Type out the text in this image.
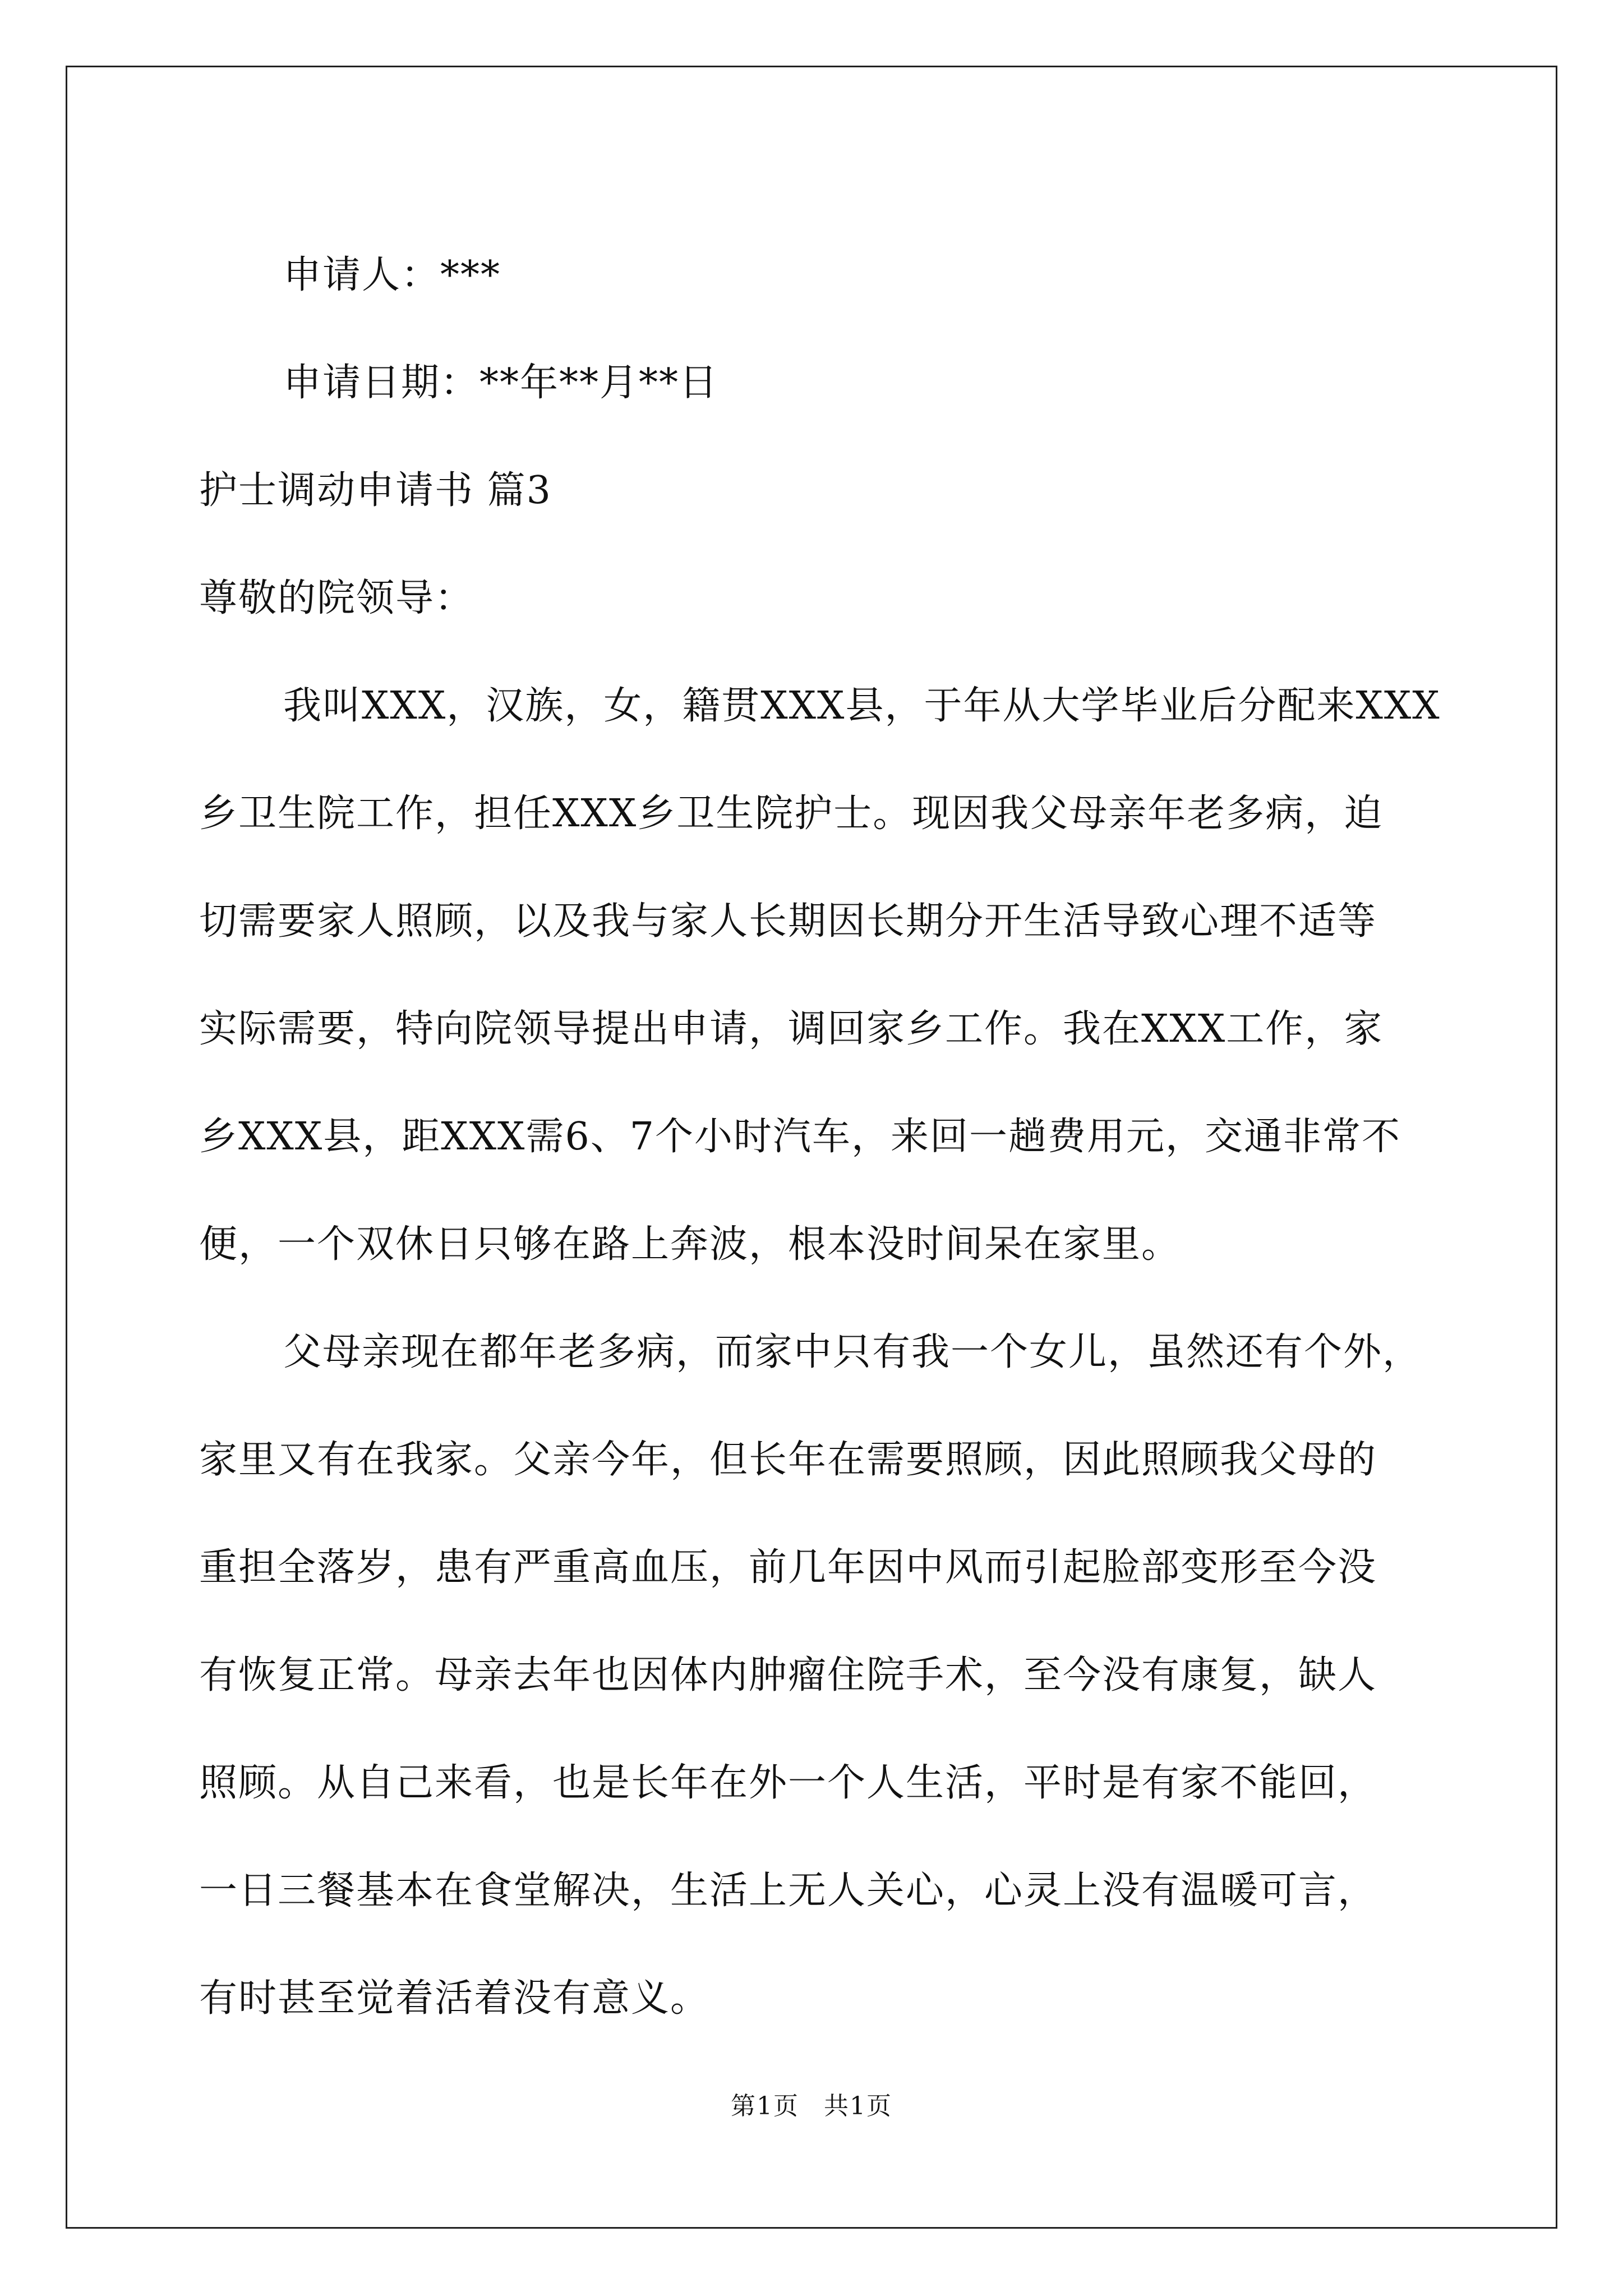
申请人：***
申请日期：**年**月**日
护士调动申请书 篇3
尊敬的院领导：
我叫XXX，汉族，女，籍贯XXX县，于年从大学毕业后分配来XXX
乡卫生院工作，担任XXX乡卫生院护士。现因我父母亲年老多病，迫
切需要家人照顾，以及我与家人长期因长期分开生活导致心理不适等
实际需要，特向院领导提出申请，调回家乡工作。我在XXX工作，家
乡XXX县，距XXX需6、7个小时汽车，来回一趟费用元，交通非常不
便，一个双休日只够在路上奔波，根本没时间呆在家里。
父母亲现在都年老多病，而家中只有我一个女儿，虽然还有个外，
家里又有在我家。父亲今年，但长年在需要照顾，因此照顾我父母的
重担全落岁，患有严重高血压，前几年因中风而引起脸部变形至今没
有恢复正常。母亲去年也因体内肿瘤住院手术，至今没有康复，缺人
照顾。从自己来看，也是长年在外一个人生活，平时是有家不能回，
一日三餐基本在食堂解决，生活上无人关心，心灵上没有温暖可言，
有时甚至觉着活着没有意义。
第1页 共1页
